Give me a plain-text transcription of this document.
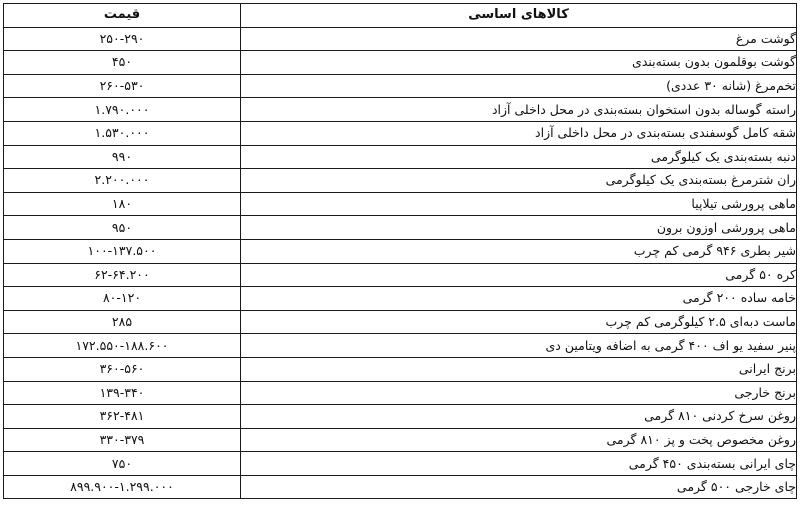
قیمت	کالاهای اساسی
۲۵۰-۲۹۰	گوشت مرغ
۴۵۰	گوشت بوقلمون بدون بسته‌بندی
۲۶۰-۵۳۰	تخم‌مرغ (شانه ۳۰ عددی)
۱.۷۹۰.۰۰۰	راسته گوساله بدون استخوان بسته‌بندی در محل داخلی آزاد
۱.۵۳۰.۰۰۰	شقه کامل گوسفندی بسته‌بندی در محل داخلی آزاد
۹۹۰	دنبه بسته‌بندی یک کیلوگرمی
۲.۲۰۰.۰۰۰	ران شترمرغ بسته‌بندی یک کیلوگرمی
۱۸۰	ماهی پرورشی تیلاپیا
۹۵۰	ماهی پرورشی اوزون برون
۱۰۰-۱۳۷.۵۰۰	شیر بطری ۹۴۶ گرمی کم چرب
۶۲-۶۴.۲۰۰	کره ۵۰ گرمی
۸۰-۱۲۰	خامه ساده ۲۰۰ گرمی
۲۸۵	ماست دبه‌ای ۲.۵ کیلوگرمی کم چرب
۱۷۲.۵۵۰-۱۸۸.۶۰۰	پنیر سفید یو اف ۴۰۰ گرمی به اضافه ویتامین دی
۳۶۰-۵۶۰	برنج ایرانی
۱۳۹-۳۴۰	برنج خارجی
۳۶۲-۴۸۱	روغن سرخ کردنی ۸۱۰ گرمی
۳۳۰-۳۷۹	روغن مخصوص پخت و پز ۸۱۰ گرمی
۷۵۰	چای ایرانی بسته‌بندی ۴۵۰ گرمی
۸۹۹.۹۰۰-۱.۲۹۹.۰۰۰	چای خارجی ۵۰۰ گرمی
